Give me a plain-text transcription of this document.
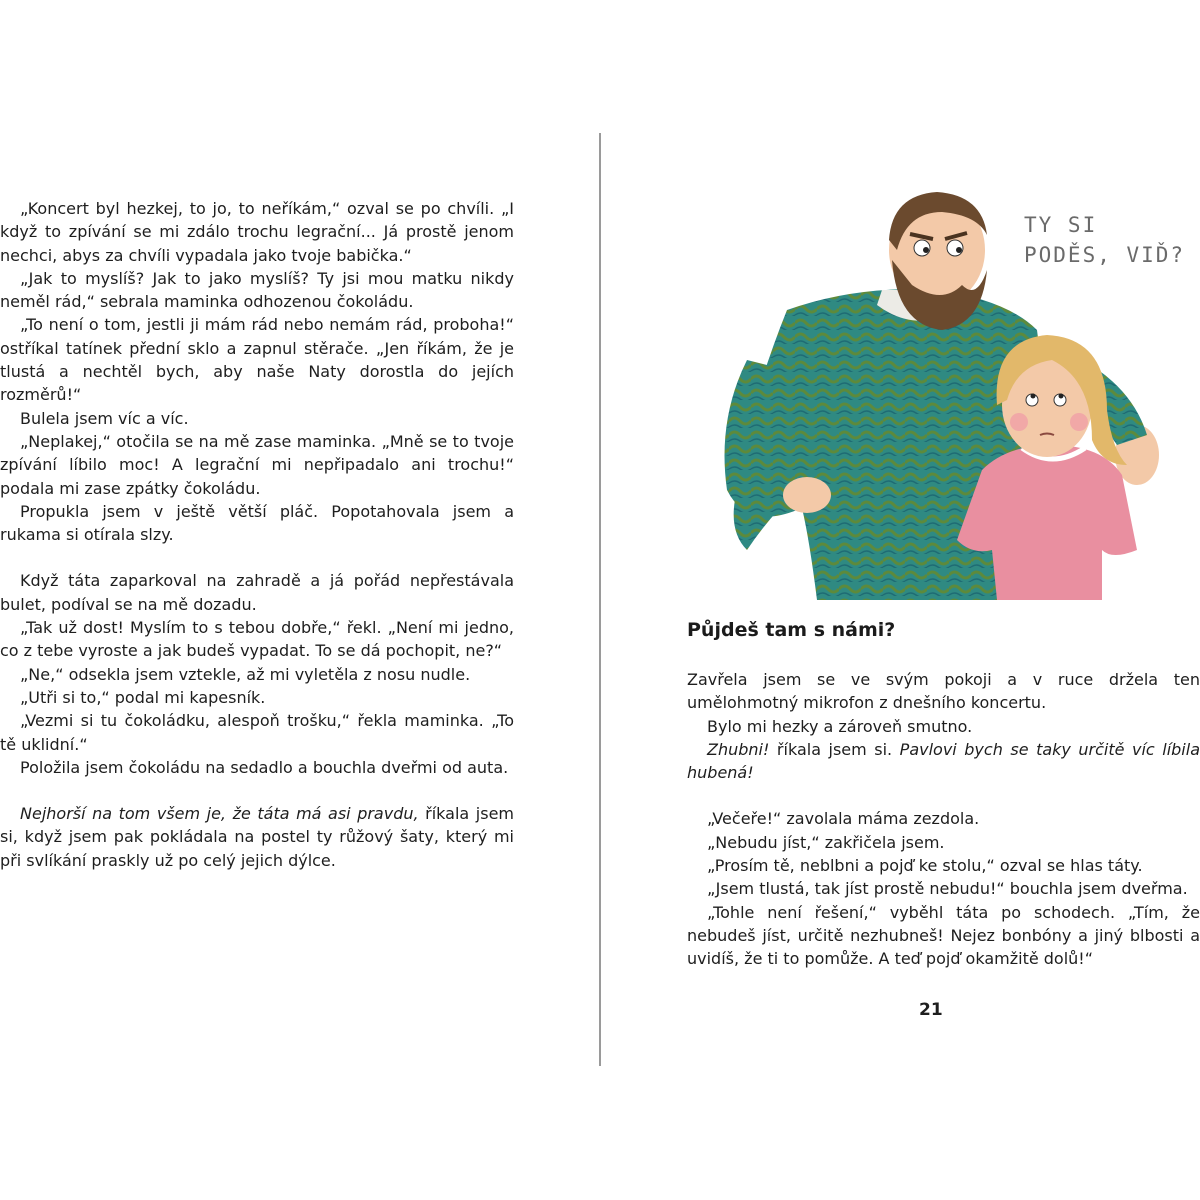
„Koncert byl hezkej, to jo, to neříkám,“ ozval se po chvíli. „I když to zpívání se mi zdálo trochu legrační... Já prostě jenom nechci, abys za chvíli vypadala jako tvoje babička.“

„Jak to myslíš? Jak to jako myslíš? Ty jsi mou matku nikdy neměl rád,“ sebrala maminka odhozenou čokoládu.

„To není o tom, jestli ji mám rád nebo nemám rád, proboha!“ ostříkal tatínek přední sklo a zapnul stěrače. „Jen říkám, že je tlustá a nechtěl bych, aby naše Naty dorostla do jejích rozměrů!“

Bulela jsem víc a víc.

„Neplakej,“ otočila se na mě zase maminka. „Mně se to tvoje zpívání líbilo moc! A legrační mi nepřipadalo ani trochu!“ podala mi zase zpátky čokoládu.

Propukla jsem v ještě větší pláč. Popotahovala jsem a rukama si otírala slzy.

Když táta zaparkoval na zahradě a já pořád nepřestávala bulet, podíval se na mě dozadu.

„Tak už dost! Myslím to s tebou dobře,“ řekl. „Není mi jedno, co z tebe vyroste a jak budeš vypadat. To se dá pochopit, ne?“

„Ne,“ odsekla jsem vztekle, až mi vyletěla z nosu nudle.

„Utři si to,“ podal mi kapesník.

„Vezmi si tu čokoládku, alespoň trošku,“ řekla maminka. „To tě uklidní.“

Položila jsem čokoládu na sedadlo a bouchla dveřmi od auta.

Nejhorší na tom všem je, že táta má asi pravdu, říkala jsem si, když jsem pak pokládala na postel ty růžový šaty, který mi při svlíkání praskly už po celý jejich dýlce.

TY SI
PODĚS, VIĎ?
Půjdeš tam s námi?

Zavřela jsem se ve svým pokoji a v ruce držela ten umělohmotný mikrofon z dnešního koncertu.

Bylo mi hezky a zároveň smutno.

Zhubni! říkala jsem si. Pavlovi bych se taky určitě víc líbila hubená!

„Večeře!“ zavolala máma zezdola.

„Nebudu jíst,“ zakřičela jsem.

„Prosím tě, neblbni a pojď ke stolu,“ ozval se hlas táty.

„Jsem tlustá, tak jíst prostě nebudu!“ bouchla jsem dveřma.

„Tohle není řešení,“ vyběhl táta po schodech. „Tím, že nebudeš jíst, určitě nezhubneš! Nejez bonbóny a jiný blbosti a uvidíš, že ti to pomůže. A teď pojď okamžitě dolů!“

21
